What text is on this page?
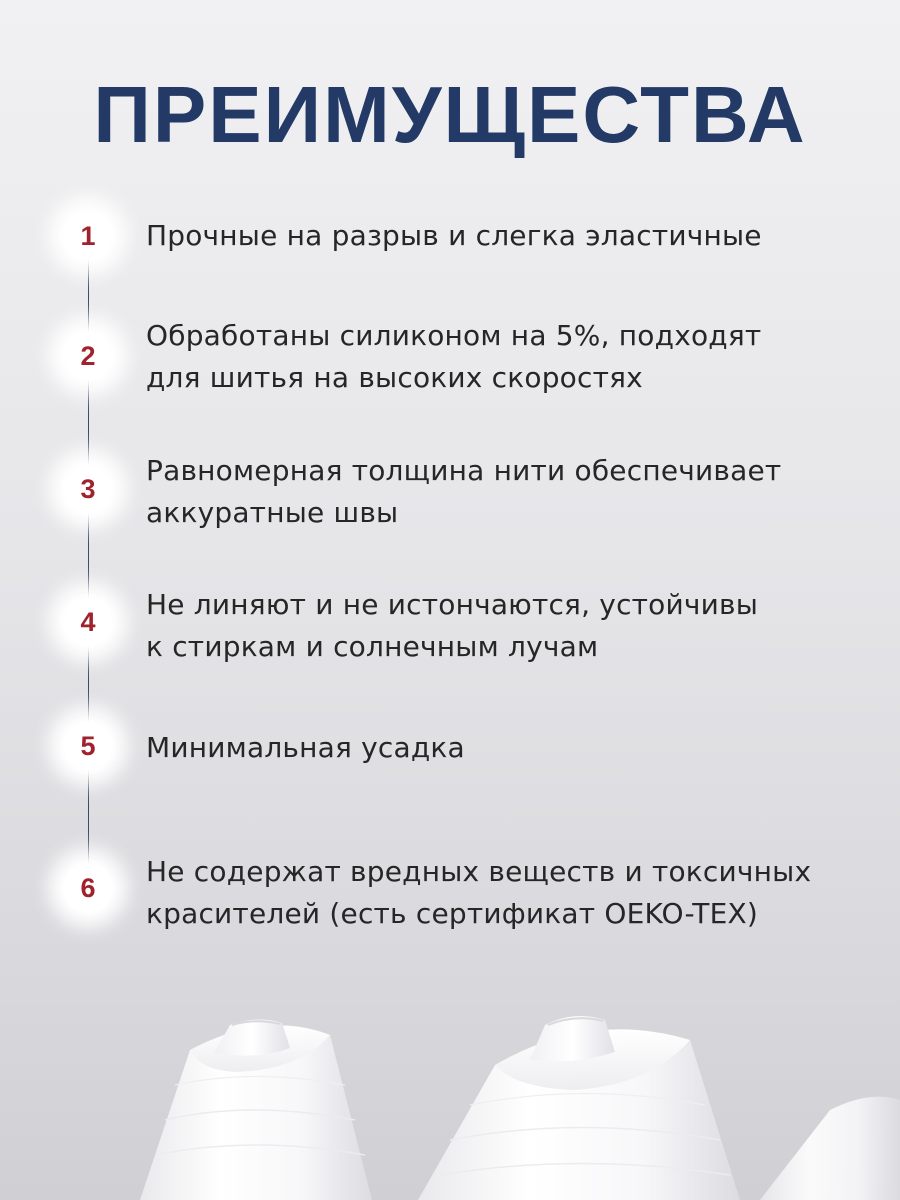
ПРЕИМУЩЕСТВА
1	Прочные на разрыв и слегка эластичные

2

Обработаны силиконом на 5%, подходят
для шитья на высоких скоростях

3

Равномерная толщина нити обеспечивает
аккуратные швы

4

Не линяют и не истончаются, устойчивы
к стиркам и солнечным лучам

5	Минимальная усадка

6	Не содержат вредных веществ и токсичных
красителей (есть сертификат OEKO-TEX)
